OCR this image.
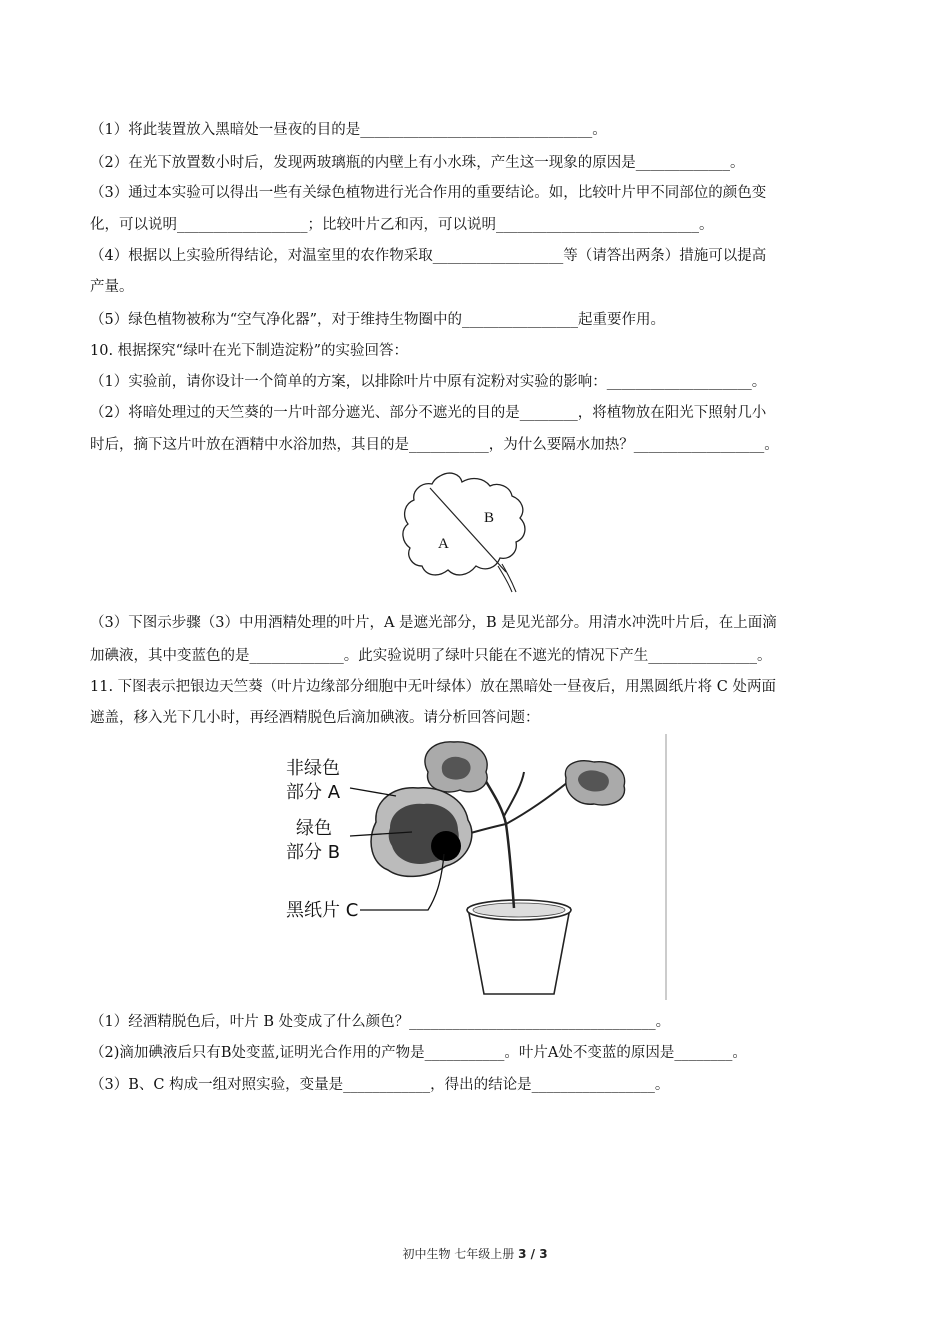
（1）将此装置放入黑暗处一昼夜的目的是________________________________。
（2）在光下放置数小时后，发现两玻璃瓶的内壁上有小水珠，产生这一现象的原因是_____________。
（3）通过本实验可以得出一些有关绿色植物进行光合作用的重要结论。如，比较叶片甲不同部位的颜色变
化，可以说明__________________；比较叶片乙和丙，可以说明____________________________。
（4）根据以上实验所得结论，对温室里的农作物采取__________________等（请答出两条）措施可以提高
产量。
（5）绿色植物被称为“空气净化器”，对于维持生物圈中的________________起重要作用。
10. 根据探究“绿叶在光下制造淀粉”的实验回答：
（1）实验前，请你设计一个简单的方案，以排除叶片中原有淀粉对实验的影响：____________________。
（2）将暗处理过的天竺葵的一片叶部分遮光、部分不遮光的目的是________，将植物放在阳光下照射几小
时后，摘下这片叶放在酒精中水浴加热，其目的是___________，为什么要隔水加热？__________________。
A
B
（3）下图示步骤（3）中用酒精处理的叶片，A 是遮光部分，B 是见光部分。用清水冲洗叶片后，在上面滴
加碘液，其中变蓝色的是_____________。此实验说明了绿叶只能在不遮光的情况下产生_______________。
11. 下图表示把银边天竺葵（叶片边缘部分细胞中无叶绿体）放在黑暗处一昼夜后，用黑圆纸片将 C 处两面
遮盖，移入光下几小时，再经酒精脱色后滴加碘液。请分析回答问题：
非绿色
部分 A
绿色
部分 B
黑纸片 C
（1）经酒精脱色后，叶片 B 处变成了什么颜色？__________________________________。
（2)滴加碘液后只有B处变蓝,证明光合作用的产物是___________。叶片A处不变蓝的原因是________。
（3）B、C 构成一组对照实验，变量是____________，得出的结论是_________________。
初中生物 七年级上册 3 / 3
